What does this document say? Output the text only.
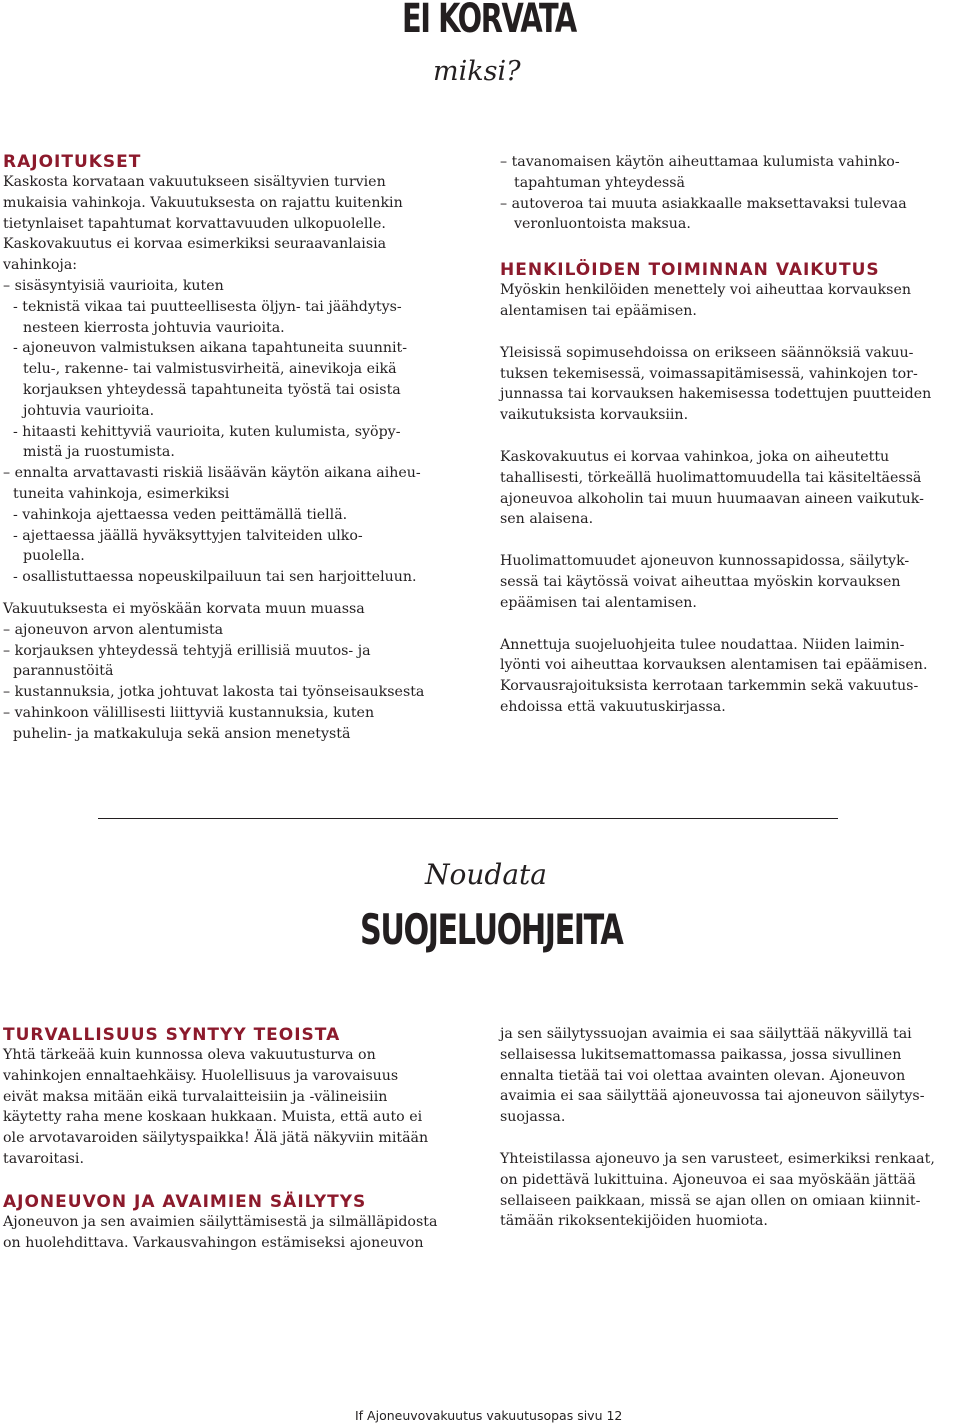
EI KORVATA
miksi?
RAJOITUKSET
Kaskosta korvataan vakuutukseen sisältyvien turvien
mukaisia vahinkoja. Vakuutuksesta on rajattu kuitenkin
tietynlaiset tapahtumat korvattavuuden ulkopuolelle.
Kaskovakuutus ei korvaa esimerkiksi seuraavanlaisia
vahinkoja:
– sisäsyntyisiä vaurioita, kuten
- teknistä vikaa tai puutteellisesta öljyn- tai jäähdytys-
nesteen kierrosta johtuvia vaurioita.
- ajoneuvon valmistuksen aikana tapahtuneita suunnit-
telu-, rakenne- tai valmistusvirheitä, ainevikoja eikä
korjauksen yhteydessä tapahtuneita työstä tai osista
johtuvia vaurioita.
- hitaasti kehittyviä vaurioita, kuten kulumista, syöpy-
mistä ja ruostumista.
– ennalta arvattavasti riskiä lisäävän käytön aikana aiheu-
tuneita vahinkoja, esimerkiksi
- vahinkoja ajettaessa veden peittämällä tiellä.
- ajettaessa jäällä hyväksyttyjen talviteiden ulko-
puolella.
- osallistuttaessa nopeuskilpailuun tai sen harjoitteluun.
Vakuutuksesta ei myöskään korvata muun muassa
– ajoneuvon arvon alentumista
– korjauksen yhteydessä tehtyjä erillisiä muutos- ja
parannustöitä
– kustannuksia, jotka johtuvat lakosta tai työnseisauksesta
– vahinkoon välillisesti liittyviä kustannuksia, kuten
puhelin- ja matkakuluja sekä ansion menetystä
– tavanomaisen käytön aiheuttamaa kulumista vahinko-
tapahtuman yhteydessä
– autoveroa tai muuta asiakkaalle maksettavaksi tulevaa
veronluontoista maksua.
HENKILÖIDEN TOIMINNAN VAIKUTUS
Myöskin henkilöiden menettely voi aiheuttaa korvauksen
alentamisen tai epäämisen.
Yleisissä sopimusehdoissa on erikseen säännöksiä vakuu-
tuksen tekemisessä, voimassapitämisessä, vahinkojen tor-
junnassa tai korvauksen hakemisessa todettujen puutteiden
vaikutuksista korvauksiin.
Kaskovakuutus ei korvaa vahinkoa, joka on aiheutettu
tahallisesti, törkeällä huolimattomuudella tai käsiteltäessä
ajoneuvoa alkoholin tai muun huumaavan aineen vaikutuk-
sen alaisena.
Huolimattomuudet ajoneuvon kunnossapidossa, säilytyk-
sessä tai käytössä voivat aiheuttaa myöskin korvauksen
epäämisen tai alentamisen.
Annettuja suojeluohjeita tulee noudattaa. Niiden laimin-
lyönti voi aiheuttaa korvauksen alentamisen tai epäämisen.
Korvausrajoituksista kerrotaan tarkemmin sekä vakuutus-
ehdoissa että vakuutuskirjassa.
Noudata
SUOJELUOHJEITA
TURVALLISUUS SYNTYY TEOISTA
Yhtä tärkeää kuin kunnossa oleva vakuutusturva on
vahinkojen ennaltaehkäisy. Huolellisuus ja varovaisuus
eivät maksa mitään eikä turvalaitteisiin ja -välineisiin
käytetty raha mene koskaan hukkaan. Muista, että auto ei
ole arvotavaroiden säilytyspaikka! Älä jätä näkyviin mitään
tavaroitasi.
AJONEUVON JA AVAIMIEN SÄILYTYS
Ajoneuvon ja sen avaimien säilyttämisestä ja silmälläpidosta
on huolehdittava. Varkausvahingon estämiseksi ajoneuvon
ja sen säilytyssuojan avaimia ei saa säilyttää näkyvillä tai
sellaisessa lukitsemattomassa paikassa, jossa sivullinen
ennalta tietää tai voi olettaa avainten olevan. Ajoneuvon
avaimia ei saa säilyttää ajoneuvossa tai ajoneuvon säilytys-
suojassa.
Yhteistilassa ajoneuvo ja sen varusteet, esimerkiksi renkaat,
on pidettävä lukittuina. Ajoneuvoa ei saa myöskään jättää
sellaiseen paikkaan, missä se ajan ollen on omiaan kiinnit-
tämään rikoksentekijöiden huomiota.
If Ajoneuvovakuutus vakuutusopas sivu 12
